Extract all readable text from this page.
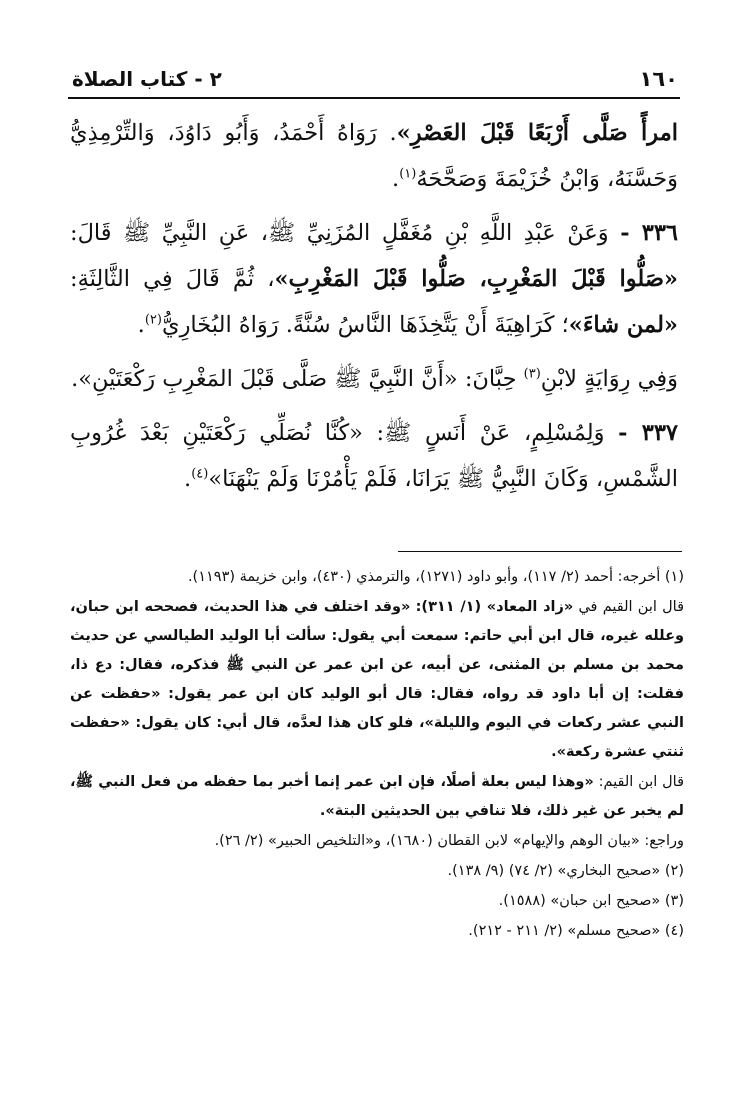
١٦٠
٢ - كتاب الصلاة

امرأً صَلَّى أَرْبَعًا قَبْلَ العَصْرِ». رَوَاهُ أَحْمَدُ، وَأَبُو دَاوُدَ، وَالتِّرْمِذِيُّ وَحَسَّنَهُ، وَابْنُ خُزَيْمَةَ وَصَحَّحَهُ$^{(١)}$.

٣٣٦ - وَعَنْ عَبْدِ اللَّهِ بْنِ مُغَفَّلٍ المُزَنِيِّ ﷺ، عَنِ النَّبِيِّ ﷺ قَالَ: «صَلُّوا قَبْلَ المَغْرِبِ، صَلُّوا قَبْلَ المَغْرِبِ»، ثُمَّ قَالَ فِي الثَّالِثَةِ: «لمن شاءَ»؛ كَرَاهِيَةَ أَنْ يَتَّخِذَهَا النَّاسُ سُنَّةً. رَوَاهُ البُخَارِيُّ$^{(٢)}$.

وَفِي رِوَايَةٍ لابْنِ$^{(٣)}$ حِبَّانَ: «أَنَّ النَّبِيَّ ﷺ صَلَّى قَبْلَ المَغْرِبِ رَكْعَتَيْنِ».

٣٣٧ - وَلِمُسْلِمٍ، عَنْ أَنَسٍ ﷺ: «كُنَّا نُصَلِّي رَكْعَتَيْنِ بَعْدَ غُرُوبِ الشَّمْسِ، وَكَانَ النَّبِيُّ ﷺ يَرَانَا، فَلَمْ يَأْمُرْنَا وَلَمْ يَنْهَنَا»$^{(٤)}$.

(١) أخرجه: أحمد (٢/ ١١٧)، وأبو داود (١٢٧١)، والترمذي (٤٣٠)، وابن خزيمة (١١٩٣).

قال ابن القيم في «زاد المعاد» (١/ ٣١١): «وقد اختلف في هذا الحديث، فصححه ابن حبان، وعلله غيره، قال ابن أبي حاتم: سمعت أبي يقول: سألت أبا الوليد الطيالسي عن حديث محمد بن مسلم بن المثنى، عن أبيه، عن ابن عمر عن النبي ﷺ فذكره، فقال: دع ذا، فقلت: إن أبا داود قد رواه، فقال: قال أبو الوليد كان ابن عمر يقول: «حفظت عن النبي عشر ركعات في اليوم والليلة»، فلو كان هذا لعدَّه، قال أبي: كان يقول: «حفظت ثنتي عشرة ركعة».

قال ابن القيم: «وهذا ليس بعلة أصلًا، فإن ابن عمر إنما أخبر بما حفظه من فعل النبي ﷺ، لم يخبر عن غير ذلك، فلا تنافي بين الحديثين البتة».

وراجع: «بيان الوهم والإيهام» لابن القطان (١٦٨٠)، و«التلخيص الحبير» (٢/ ٢٦).

(٢) «صحيح البخاري» (٢/ ٧٤) (٩/ ١٣٨).

(٣) «صحيح ابن حبان» (١٥٨٨).

(٤) «صحيح مسلم» (٢/ ٢١١ - ٢١٢).
